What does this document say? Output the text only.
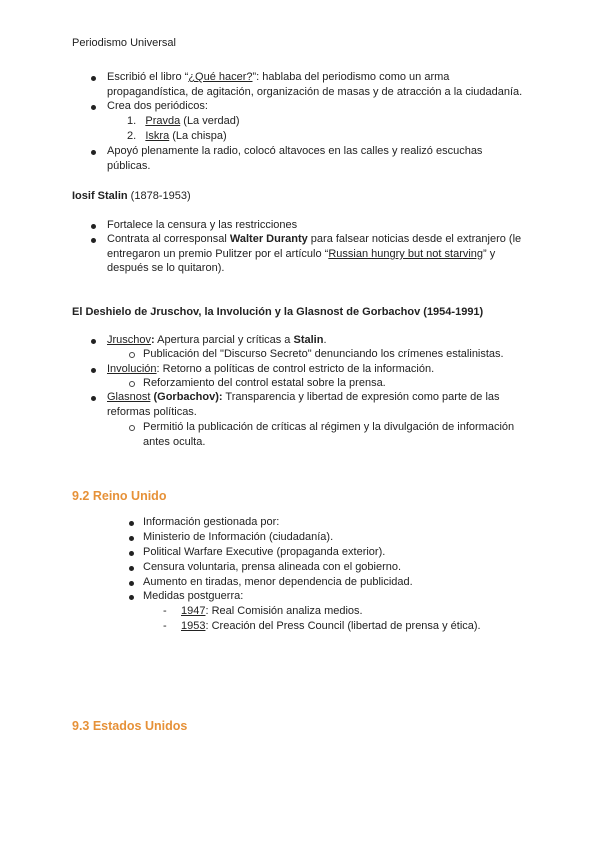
Periodismo Universal
Escribió el libro “¿Qué hacer?”: hablaba del periodismo como un arma
propagandística, de agitación, organización de masas y de atracción a la ciudadanía.
Crea dos periódicos:
1. Pravda (La verdad)
2. Iskra (La chispa)
Apoyó plenamente la radio, colocó altavoces en las calles y realizó escuchas
públicas.
Iosif Stalin (1878-1953)
Fortalece la censura y las restricciones
Contrata al corresponsal Walter Duranty para falsear noticias desde el extranjero (le
entregaron un premio Pulitzer por el artículo “Russian hungry but not starving” y
después se lo quitaron).
El Deshielo de Jruschov, la Involución y la Glasnost de Gorbachov (1954-1991)
Jruschov: Apertura parcial y críticas a Stalin.
Publicación del "Discurso Secreto" denunciando los crímenes estalinistas.
Involución: Retorno a políticas de control estricto de la información.
Reforzamiento del control estatal sobre la prensa.
Glasnost (Gorbachov): Transparencia y libertad de expresión como parte de las
reformas políticas.
Permitió la publicación de críticas al régimen y la divulgación de información
antes oculta.
9.2 Reino Unido
Información gestionada por:
Ministerio de Información (ciudadanía).
Political Warfare Executive (propaganda exterior).
Censura voluntaria, prensa alineada con el gobierno.
Aumento en tiradas, menor dependencia de publicidad.
Medidas postguerra:
- 1947: Real Comisión analiza medios.
- 1953: Creación del Press Council (libertad de prensa y ética).
9.3 Estados Unidos
